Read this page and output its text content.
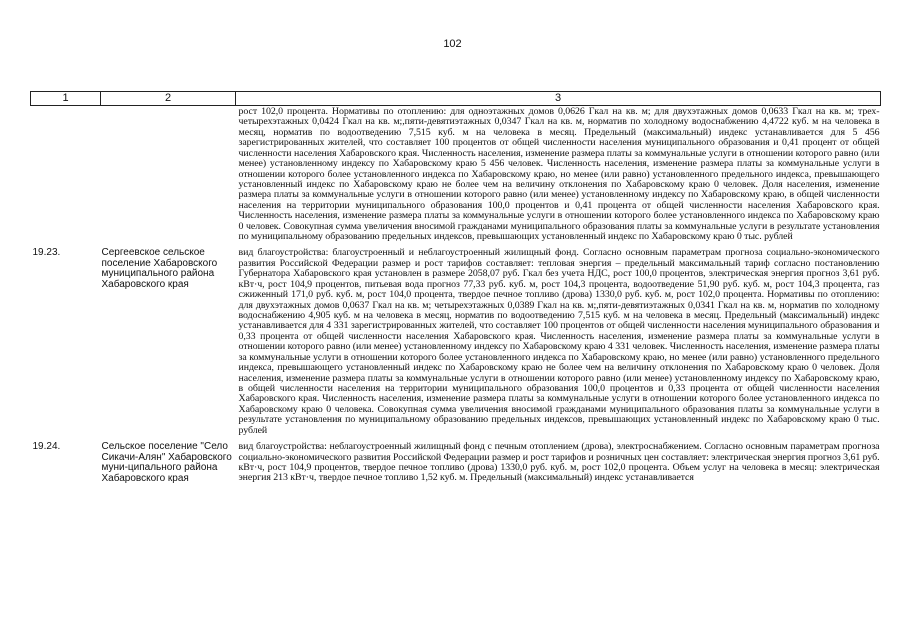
102
1	2	3
		рост 102,0 процента. Нормативы по отоплению: для одноэтажных домов 0,0626 Гкал на кв. м; для двухэтажных домов 0,0633 Гкал на кв. м; трех-четырехэтажных 0,0424 Гкал на кв. м;,пяти-девятиэтажных 0,0347 Гкал на кв. м, норматив по холодному водоснабжению 4,4722 куб. м на человека в месяц, норматив по водоотведению 7,515 куб. м на человека в месяц. Предельный (максимальный) индекс устанавливается для 5 456 зарегистрированных жителей, что составляет 100 процентов от общей численности населения муниципального образования и 0,41 процент от общей численности населения Хабаровского края. Численность населения, изменение размера платы за коммунальные услуги в отношении которого равно (или менее) установленному индексу по Хабаровскому краю 5 456 человек. Численность населения, изменение размера платы за коммунальные услуги в отношении которого более установленного индекса по Хабаровскому краю, но менее (или равно) установленного предельного индекса, превышающего установленный индекс по Хабаровскому краю не более чем на величину отклонения по Хабаровскому краю 0 человек. Доля населения, изменение размера платы за коммунальные услуги в отношении которого равно (или менее) установленному индексу по Хабаровскому краю, в общей численности населения на территории муниципального образования 100,0 процентов и 0,41 процента от общей численности населения Хабаровского края. Численность населения, изменение размера платы за коммунальные услуги в отношении которого более установленного индекса по Хабаровскому краю 0 человек. Совокупная сумма увеличения вносимой гражданами муниципального образования платы за коммунальные услуги в результате установления по муниципальному образованию предельных индексов, превышающих установленный индекс по Хабаровскому краю 0 тыс. рублей
19.23.	Сергеевское сельское поселение Хабаровского муниципального района Хабаровского края	вид благоустройства: благоустроенный и неблагоустроенный жилищный фонд. Согласно основным параметрам прогноза социально-экономического развития Российской Федерации размер и рост тарифов составляет: тепловая энергия – предельный максимальный тариф согласно постановлению Губернатора Хабаровского края установлен в размере 2058,07 руб. Гкал без учета НДС, рост 100,0 процентов, электрическая энергия прогноз 3,61 руб. кВт·ч, рост 104,9 процентов, питьевая вода прогноз 77,33 руб. куб. м, рост 104,3 процента, водоотведение 51,90 руб. куб. м, рост 104,3 процента, газ сжиженный 171,0 руб. куб. м, рост 104,0 процента, твердое печное топливо (дрова) 1330,0 руб. куб. м, рост 102,0 процента. Нормативы по отоплению: для двухэтажных домов 0,0637 Гкал на кв. м; четырехэтажных 0,0389 Гкал на кв. м;,пяти-девятиэтажных 0,0341 Гкал на кв. м, норматив по холодному водоснабжению 4,905 куб. м на человека в месяц, норматив по водоотведению 7,515 куб. м на человека в месяц. Предельный (максимальный) индекс устанавливается для 4 331 зарегистрированных жителей, что составляет 100 процентов от общей численности населения муниципального образования и 0,33 процента от общей численности населения Хабаровского края. Численность населения, изменение размера платы за коммунальные услуги в отношении которого равно (или менее) установленному индексу по Хабаровскому краю 4 331 человек. Численность населения, изменение размера платы за коммунальные услуги в отношении которого более установленного индекса по Хабаровскому краю, но менее (или равно) установленного предельного индекса, превышающего установленный индекс по Хабаровскому краю не более чем на величину отклонения по Хабаровскому краю 0 человек. Доля населения, изменение размера платы за коммунальные услуги в отношении которого равно (или менее) установленному индексу по Хабаровскому краю, в общей численности населения на территории муниципального образования 100,0 процентов и 0,33 процента от общей численности населения Хабаровского края. Численность населения, изменение размера платы за коммунальные услуги в отношении которого более установленного индекса по Хабаровскому краю 0 человека. Совокупная сумма увеличения вносимой гражданами муниципального образования платы за коммунальные услуги в результате установления по муниципальному образованию предельных индексов, превышающих установленный индекс по Хабаровскому краю 0 тыс. рублей
19.24.	Сельское поселение "Село Сикачи-Алян" Хабаровского муни-ципального района Хабаровского края	вид благоустройства: неблагоустроенный жилищный фонд с печным отоплением (дрова), электроснабжением. Согласно основным параметрам прогноза социально-экономического развития Российской Федерации размер и рост тарифов и розничных цен составляет: электрическая энергия прогноз 3,61 руб. кВт·ч, рост 104,9 процентов, твердое печное топливо (дрова) 1330,0 руб. куб. м, рост 102,0 процента. Объем услуг на человека в месяц: электрическая энергия 213 кВт·ч, твердое печное топливо 1,52 куб. м. Предельный (максимальный) индекс устанавливается
